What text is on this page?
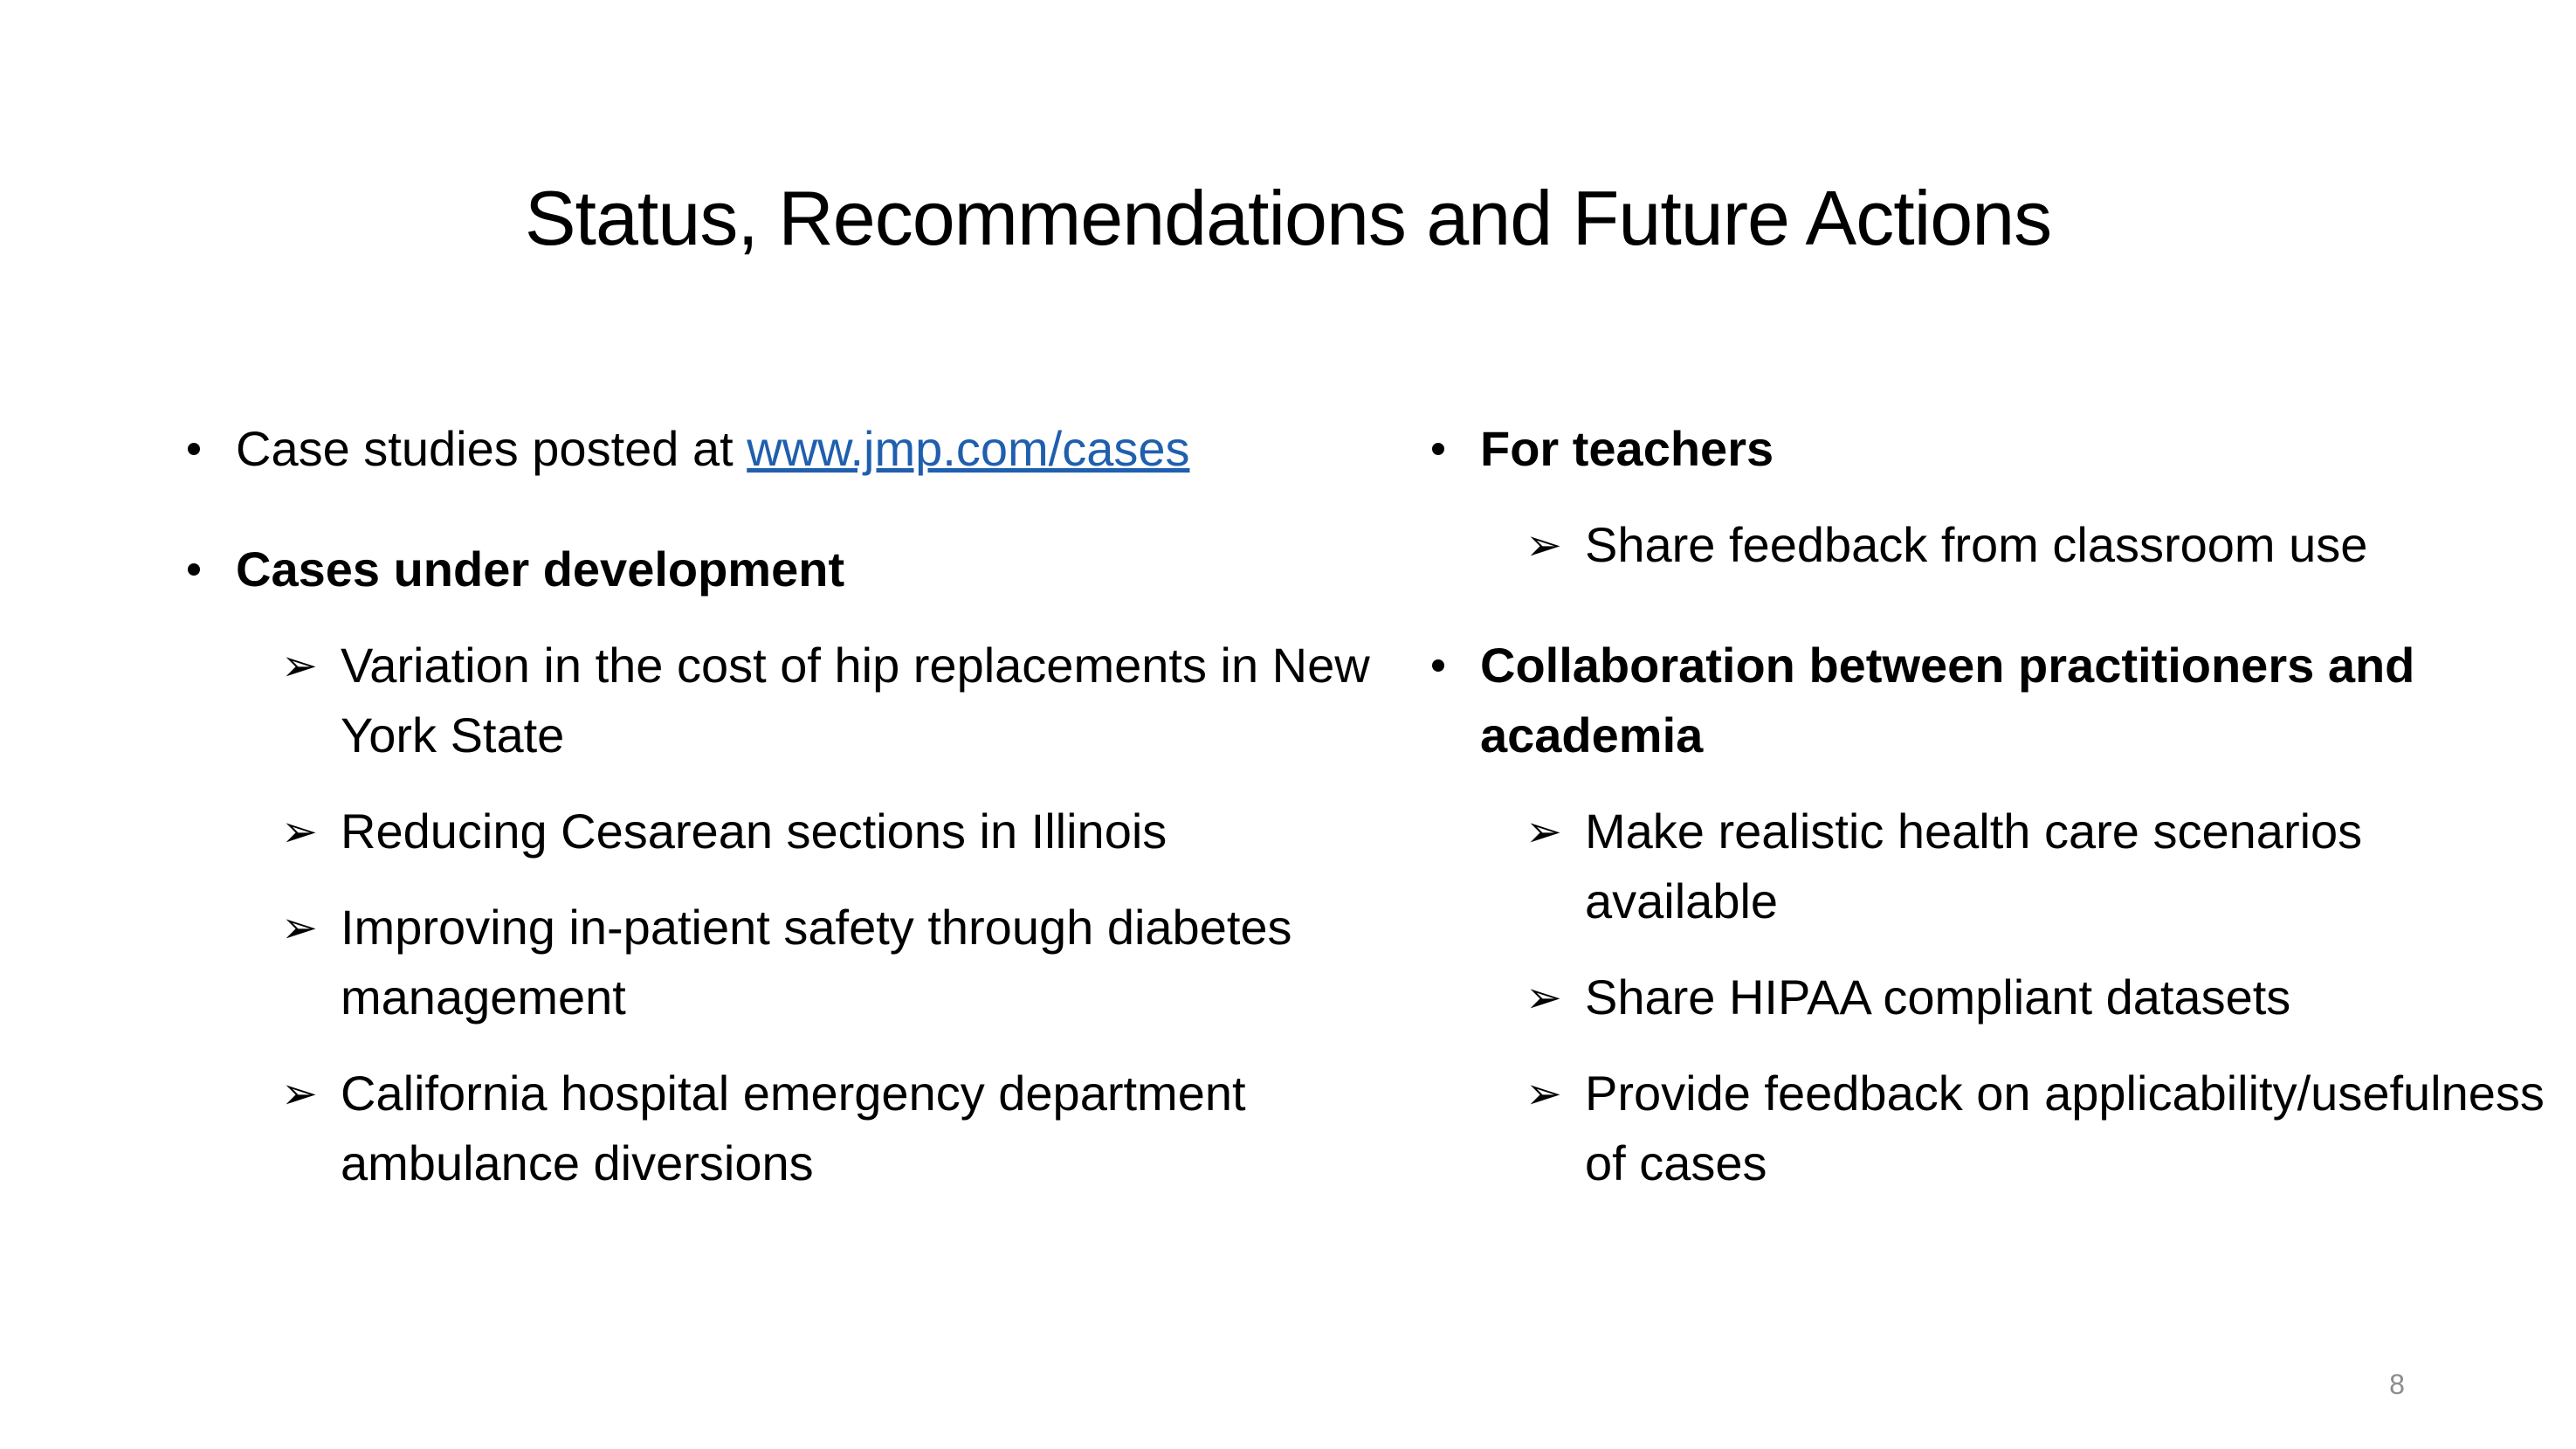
Status, Recommendations and Future Actions
Case studies posted at www.jmp.com/cases
Cases under development
➢ Variation in the cost of hip replacements in New York State
➢ Reducing Cesarean sections in Illinois
➢ Improving in-patient safety through diabetes management
➢ California hospital emergency department ambulance diversions
For teachers
➢ Share feedback from classroom use
Collaboration between practitioners and academia
➢ Make realistic health care scenarios available
➢ Share HIPAA compliant datasets
➢ Provide feedback on applicability/usefulness of cases
8
